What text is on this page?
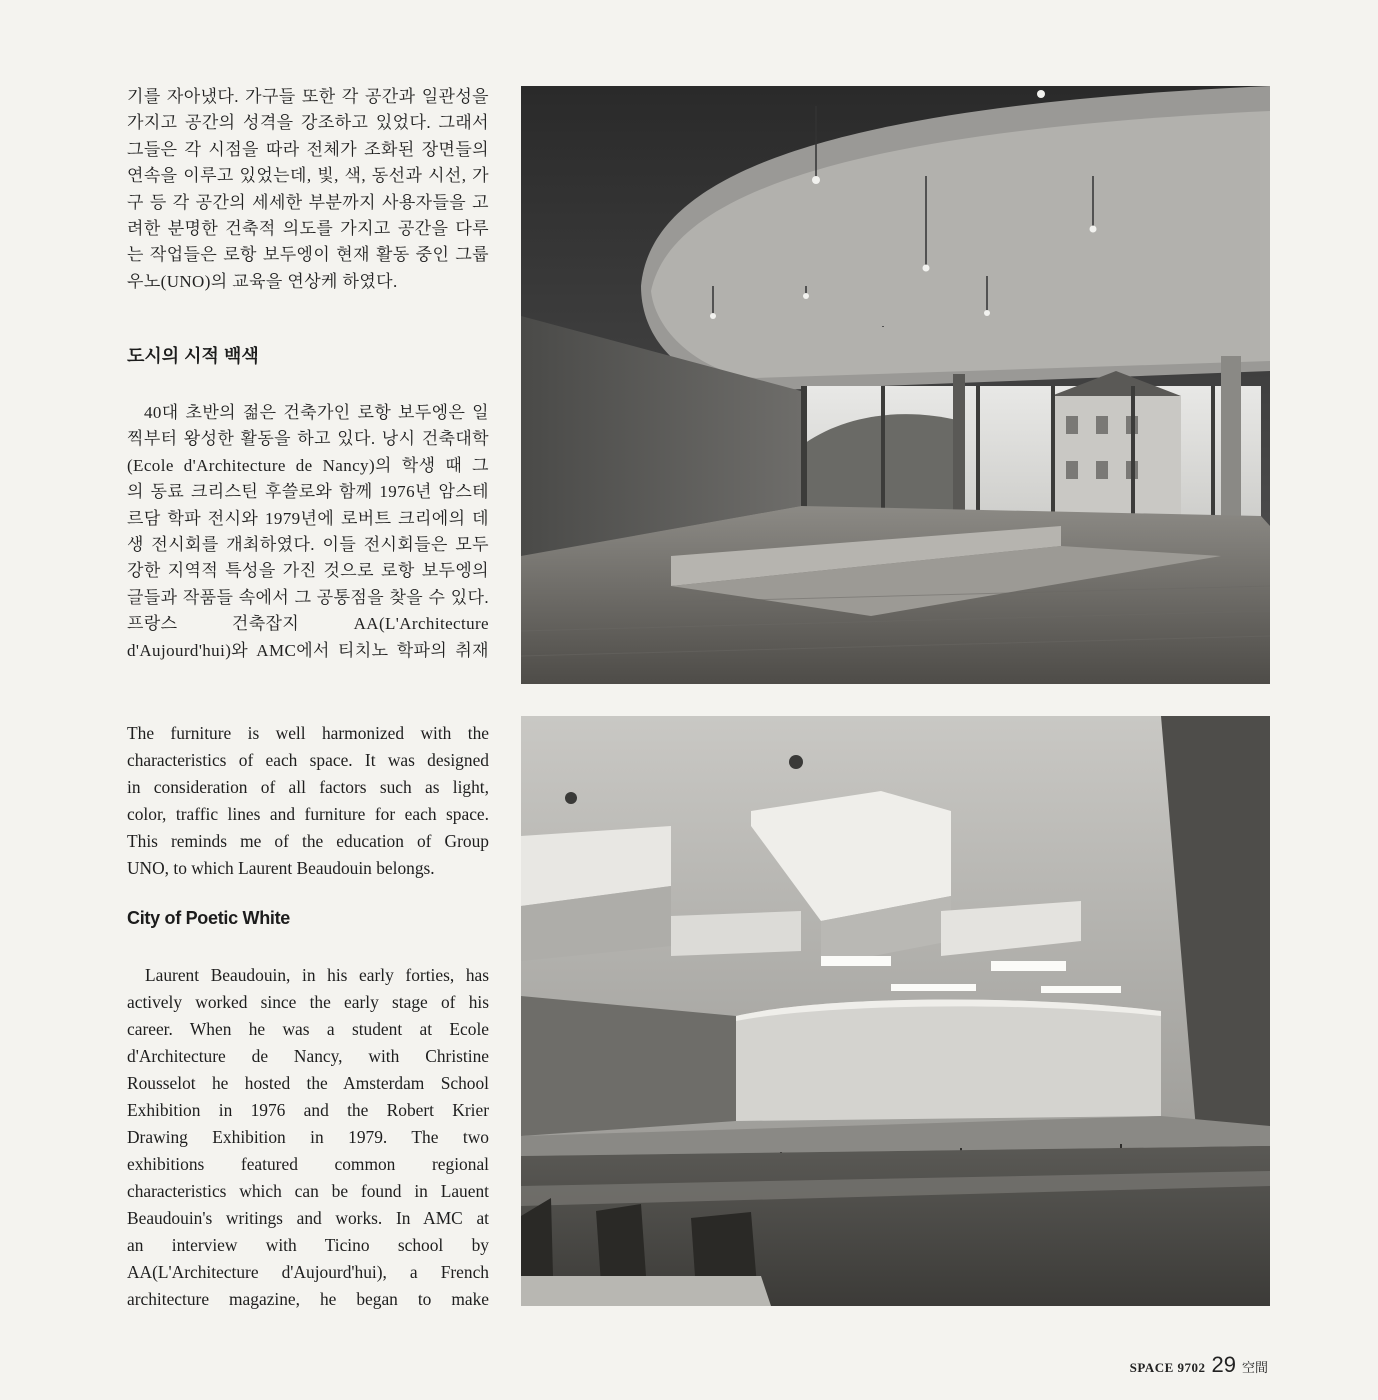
기를 자아냈다. 가구들 또한 각 공간과 일관성을
가지고 공간의 성격을 강조하고 있었다. 그래서
그들은 각 시점을 따라 전체가 조화된 장면들의
연속을 이루고 있었는데, 빛, 색, 동선과 시선, 가
구 등 각 공간의 세세한 부분까지 사용자들을 고
려한 분명한 건축적 의도를 가지고 공간을 다루
는 작업들은 로항 보두엥이 현재 활동 중인 그룹
우노(UNO)의 교육을 연상케 하였다.
도시의 시적 백색
40대 초반의 젊은 건축가인 로항 보두엥은 일
찍부터 왕성한 활동을 하고 있다. 낭시 건축대학
(Ecole d'Architecture de Nancy)의 학생 때 그
의 동료 크리스틴 후쓸로와 함께 1976년 암스테
르담 학파 전시와 1979년에 로버트 크리에의 데
생 전시회를 개최하였다. 이들 전시회들은 모두
강한 지역적 특성을 가진 것으로 로항 보두엥의
글들과 작품들 속에서 그 공통점을 찾을 수 있다.
프랑스 건축잡지 AA(L'Architecture
d'Aujourd'hui)와 AMC에서 티치노 학파의 취재
The furniture is well harmonized with the
characteristics of each space. It was designed
in consideration of all factors such as light,
color, traffic lines and furniture for each space.
This reminds me of the education of Group
UNO, to which Laurent Beaudouin belongs.
City of Poetic White
Laurent Beaudouin, in his early forties, has
actively worked since the early stage of his
career. When he was a student at Ecole
d'Architecture de Nancy, with Christine
Rousselot he hosted the Amsterdam School
Exhibition in 1976 and the Robert Krier
Drawing Exhibition in 1979. The two
exhibitions featured common regional
characteristics which can be found in Lauent
Beaudouin's writings and works. In AMC at
an interview with Ticino school by
AA(L'Architecture d'Aujourd'hui), a French
architecture magazine, he began to make
SPACE 9702 29 空間
